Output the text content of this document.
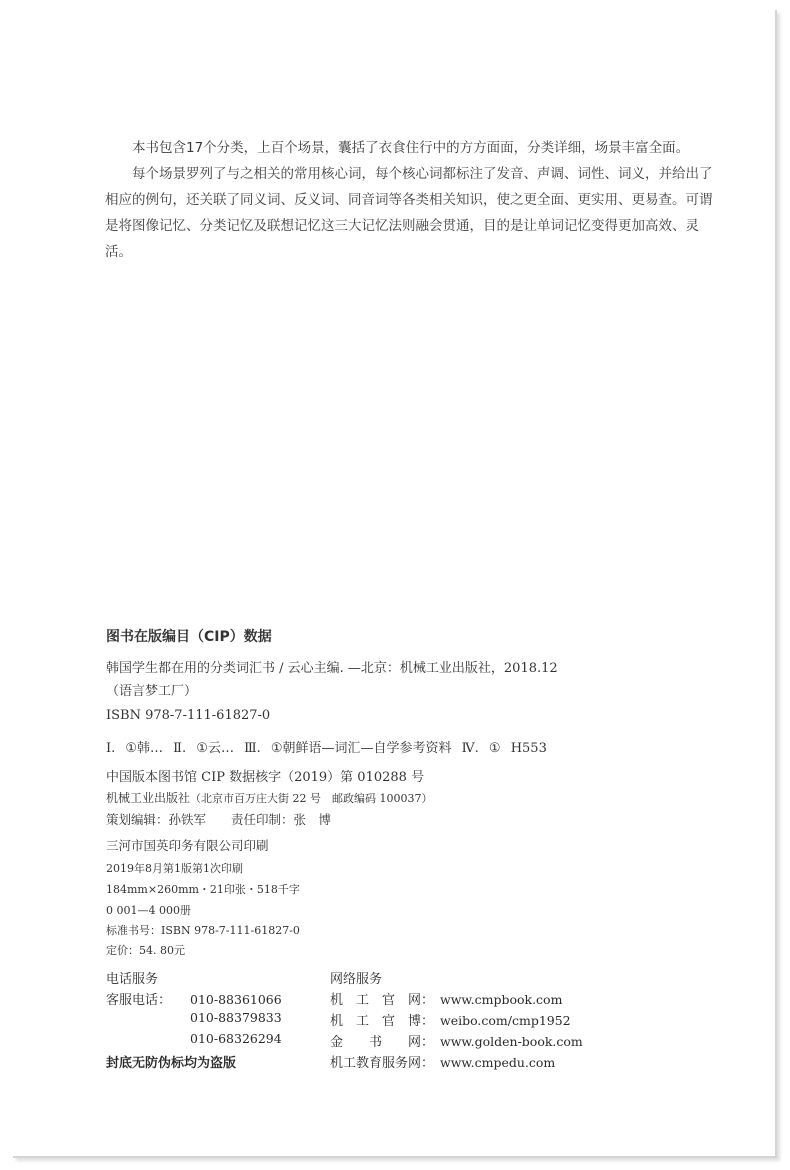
本书包含17个分类，上百个场景，囊括了衣食住行中的方方面面，分类详细，场景丰富全面。

每个场景罗列了与之相关的常用核心词，每个核心词都标注了发音、声调、词性、词义，并给出了相应的例句，还关联了同义词、反义词、同音词等各类相关知识，使之更全面、更实用、更易查。可谓是将图像记忆、分类记忆及联想记忆这三大记忆法则融会贯通，目的是让单词记忆变得更加高效、灵活。

图书在版编目（CIP）数据
韩国学生都在用的分类词汇书 / 云心主编. —北京：机械工业出版社，2018.12
（语言梦工厂）
ISBN 978-7-111-61827-0
Ⅰ. ①韩… Ⅱ. ①云… Ⅲ. ①朝鲜语—词汇—自学参考资料 Ⅳ. ① H553
中国版本图书馆 CIP 数据核字（2019）第 010288 号
机械工业出版社（北京市百万庄大街 22 号　邮政编码 100037）
策划编辑：孙铁军　　责任印制：张　博
三河市国英印务有限公司印刷
2019年8月第1版第1次印刷
184mm×260mm・21印张・518千字
0 001—4 000册
标准书号：ISBN 978-7-111-61827-0
定价：54. 80元
电话服务
客服电话： 010-88361066
010-88379833
010-68326294
封底无防伪标均为盗版
网络服务
机　工　官　网： www.cmpbook.com
机　工　官　博： weibo.com/cmp1952
金　　书　　网： www.golden-book.com
机工教育服务网： www.cmpedu.com
